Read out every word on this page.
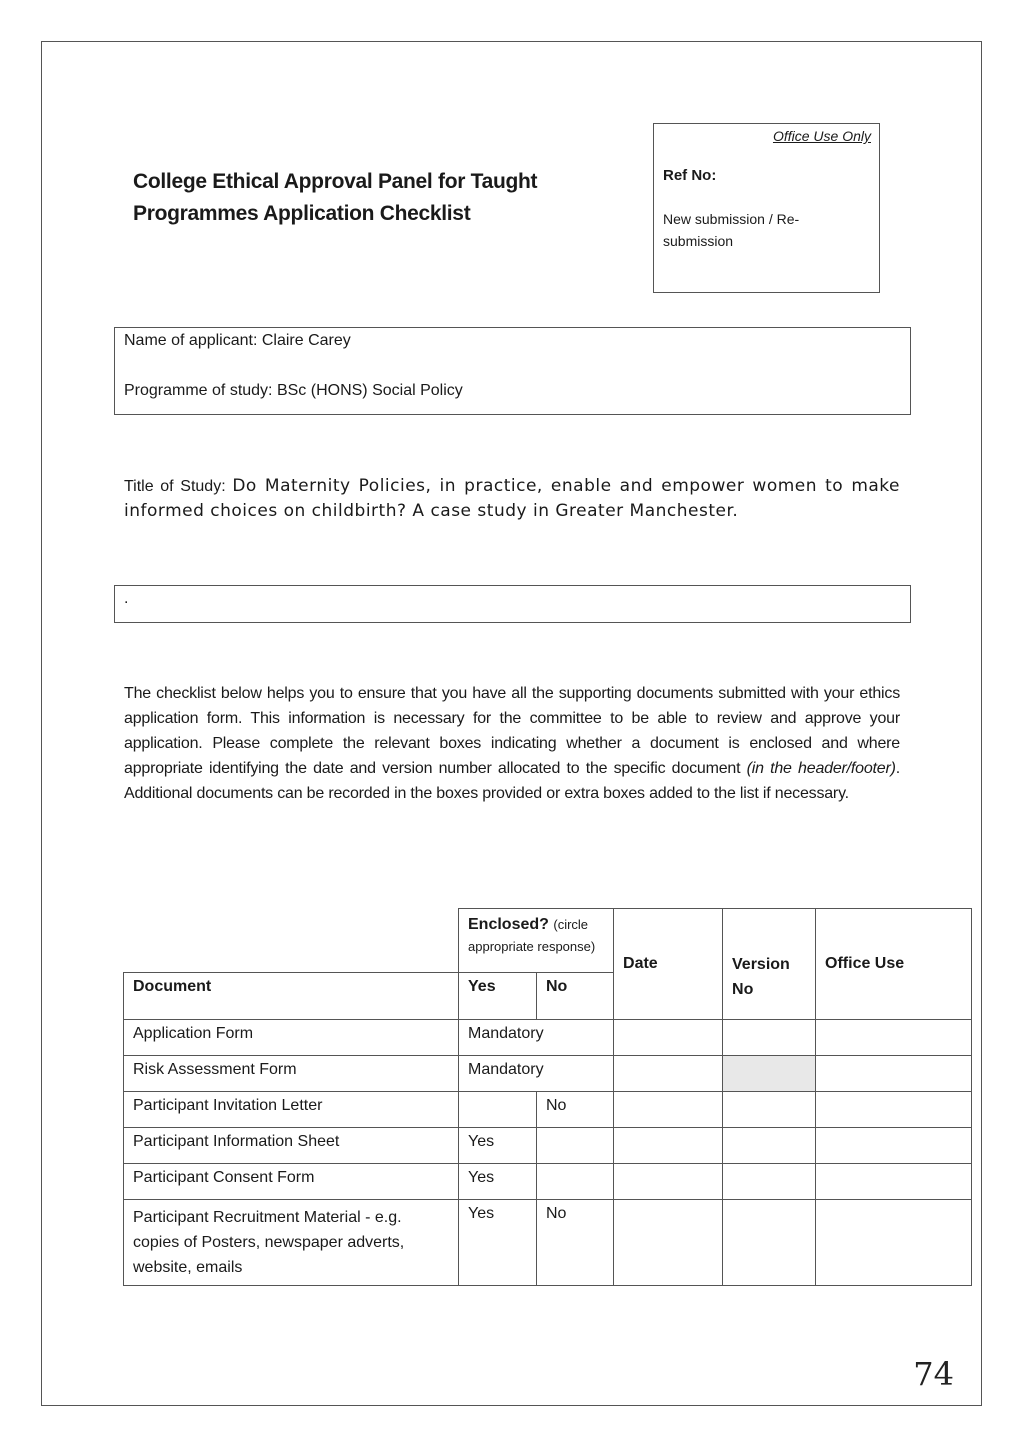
College Ethical Approval Panel for Taught
Programmes Application Checklist
Office Use Only
Ref No:
New submission / Re-submission
Name of applicant: Claire Carey
Programme of study: BSc (HONS) Social Policy
Title of Study: Do Maternity Policies, in practice, enable and empower women to make informed choices on childbirth? A case study in Greater Manchester.
.
The checklist below helps you to ensure that you have all the supporting documents submitted with your ethics application form. This information is necessary for the committee to be able to review and approve your application. Please complete the relevant boxes indicating whether a document is enclosed and where appropriate identifying the date and version number allocated to the specific document (in the header/footer). Additional documents can be recorded in the boxes provided or extra boxes added to the list if necessary.
	Enclosed? (circle appropriate response)		Date	Version No	Office Use
Document	Yes	No			
Application Form	Mandatory				
Risk Assessment Form	Mandatory				
Participant Invitation Letter		No			
Participant Information Sheet	Yes				
Participant Consent Form	Yes				
Participant Recruitment Material - e.g. copies of Posters, newspaper adverts, website, emails	Yes	No			
74
